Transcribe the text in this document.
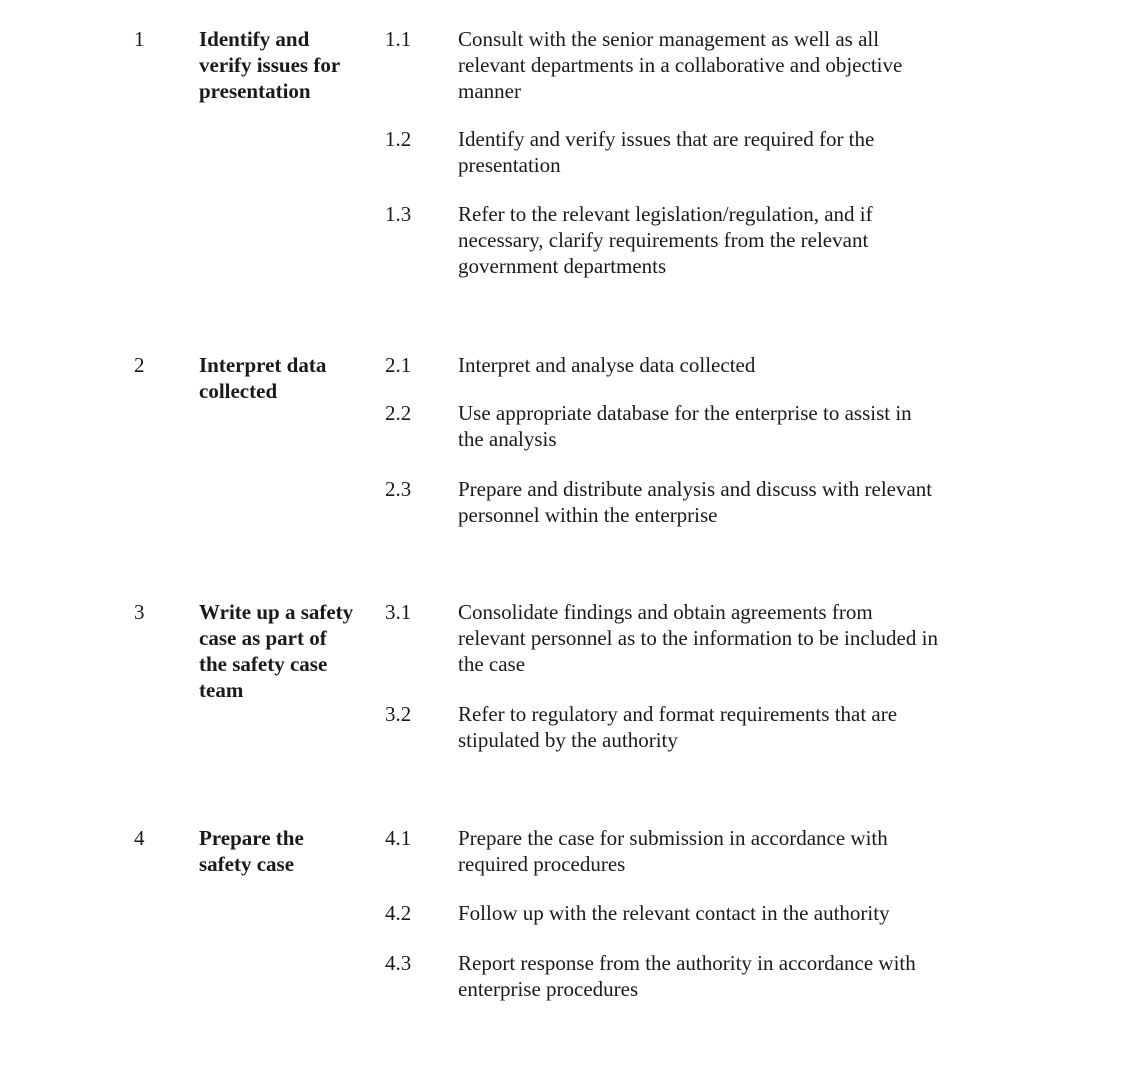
1	Identify and
verify issues for
presentation
1.1 Consult with the senior management as well as all
relevant departments in a collaborative and objective
manner
1.2 Identify and verify issues that are required for the
presentation
1.3 Refer to the relevant legislation/regulation, and if
necessary, clarify requirements from the relevant
government departments
2	Interpret data
collected
2.1 Interpret and analyse data collected
2.2 Use appropriate database for the enterprise to assist in
the analysis
2.3 Prepare and distribute analysis and discuss with relevant
personnel within the enterprise
3	Write up a safety
case as part of
the safety case
team
3.1 Consolidate findings and obtain agreements from
relevant personnel as to the information to be included in
the case
3.2 Refer to regulatory and format requirements that are
stipulated by the authority
4	Prepare the
safety case
4.1 Prepare the case for submission in accordance with
required procedures
4.2 Follow up with the relevant contact in the authority
4.3 Report response from the authority in accordance with
enterprise procedures
